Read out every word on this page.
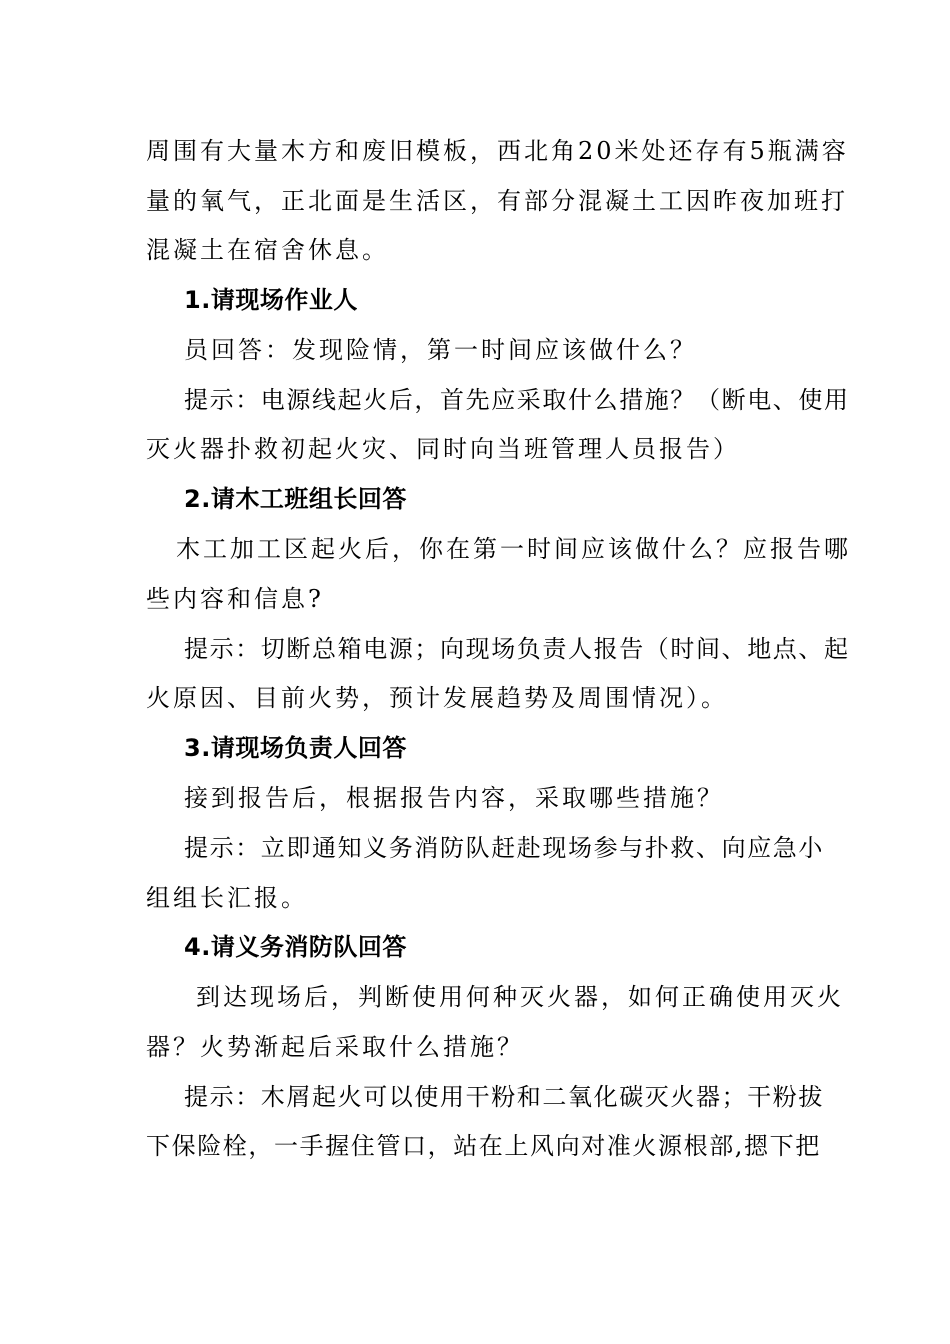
周围有大量木方和废旧模板，西北角20米处还存有5瓶满容
量的氧气，正北面是生活区，有部分混凝土工因昨夜加班打
混凝土在宿舍休息。
1.请现场作业人
员回答：发现险情，第一时间应该做什么？
提示：电源线起火后，首先应采取什么措施？（断电、使用
灭火器扑救初起火灾、同时向当班管理人员报告）
2.请木工班组长回答
木工加工区起火后，你在第一时间应该做什么？应报告哪
些内容和信息?
提示：切断总箱电源；向现场负责人报告（时间、地点、起
火原因、目前火势，预计发展趋势及周围情况）。
3.请现场负责人回答
接到报告后，根据报告内容，采取哪些措施？
提示：立即通知义务消防队赶赴现场参与扑救、向应急小
组组长汇报。
4.请义务消防队回答
到达现场后，判断使用何种灭火器，如何正确使用灭火
器？火势渐起后采取什么措施？
提示：木屑起火可以使用干粉和二氧化碳灭火器；干粉拔
下保险栓，一手握住管口，站在上风向对准火源根部,摁下把
